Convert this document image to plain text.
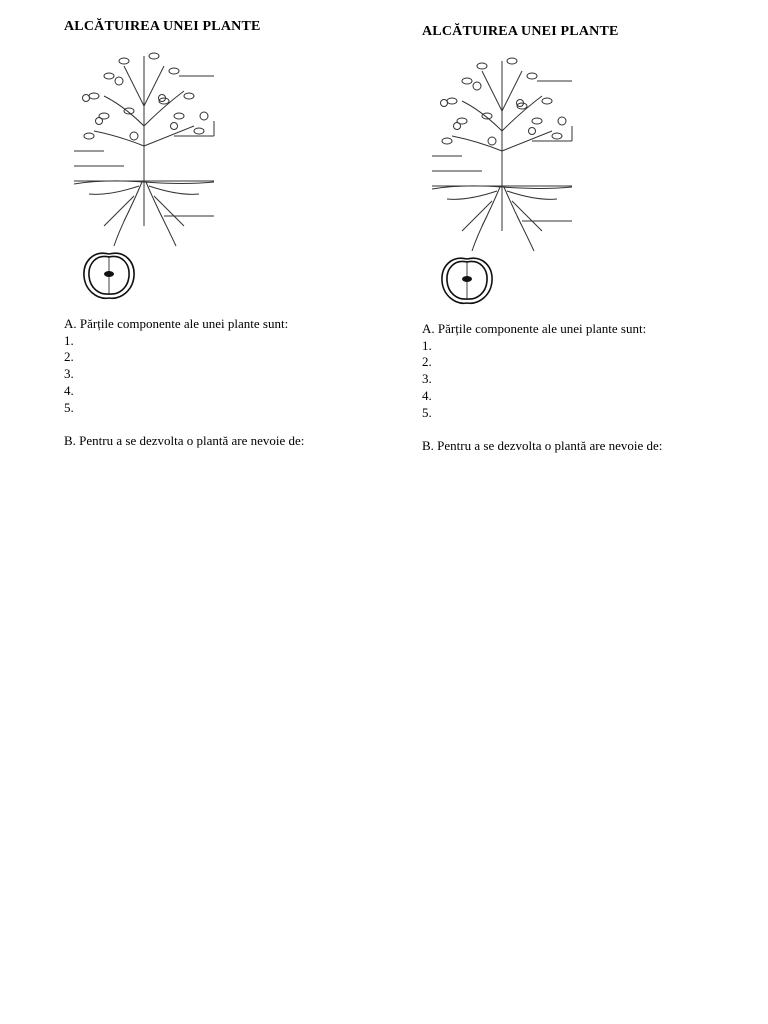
ALCĂTUIREA UNEI PLANTE
A. Părțile componente ale unei plante sunt:
1.
2.
3.
4.
5.
B. Pentru a se dezvolta o plantă are nevoie de:
ALCĂTUIREA UNEI PLANTE
A. Părțile componente ale unei plante sunt:
1.
2.
3.
4.
5.
B. Pentru a se dezvolta o plantă are nevoie de:
